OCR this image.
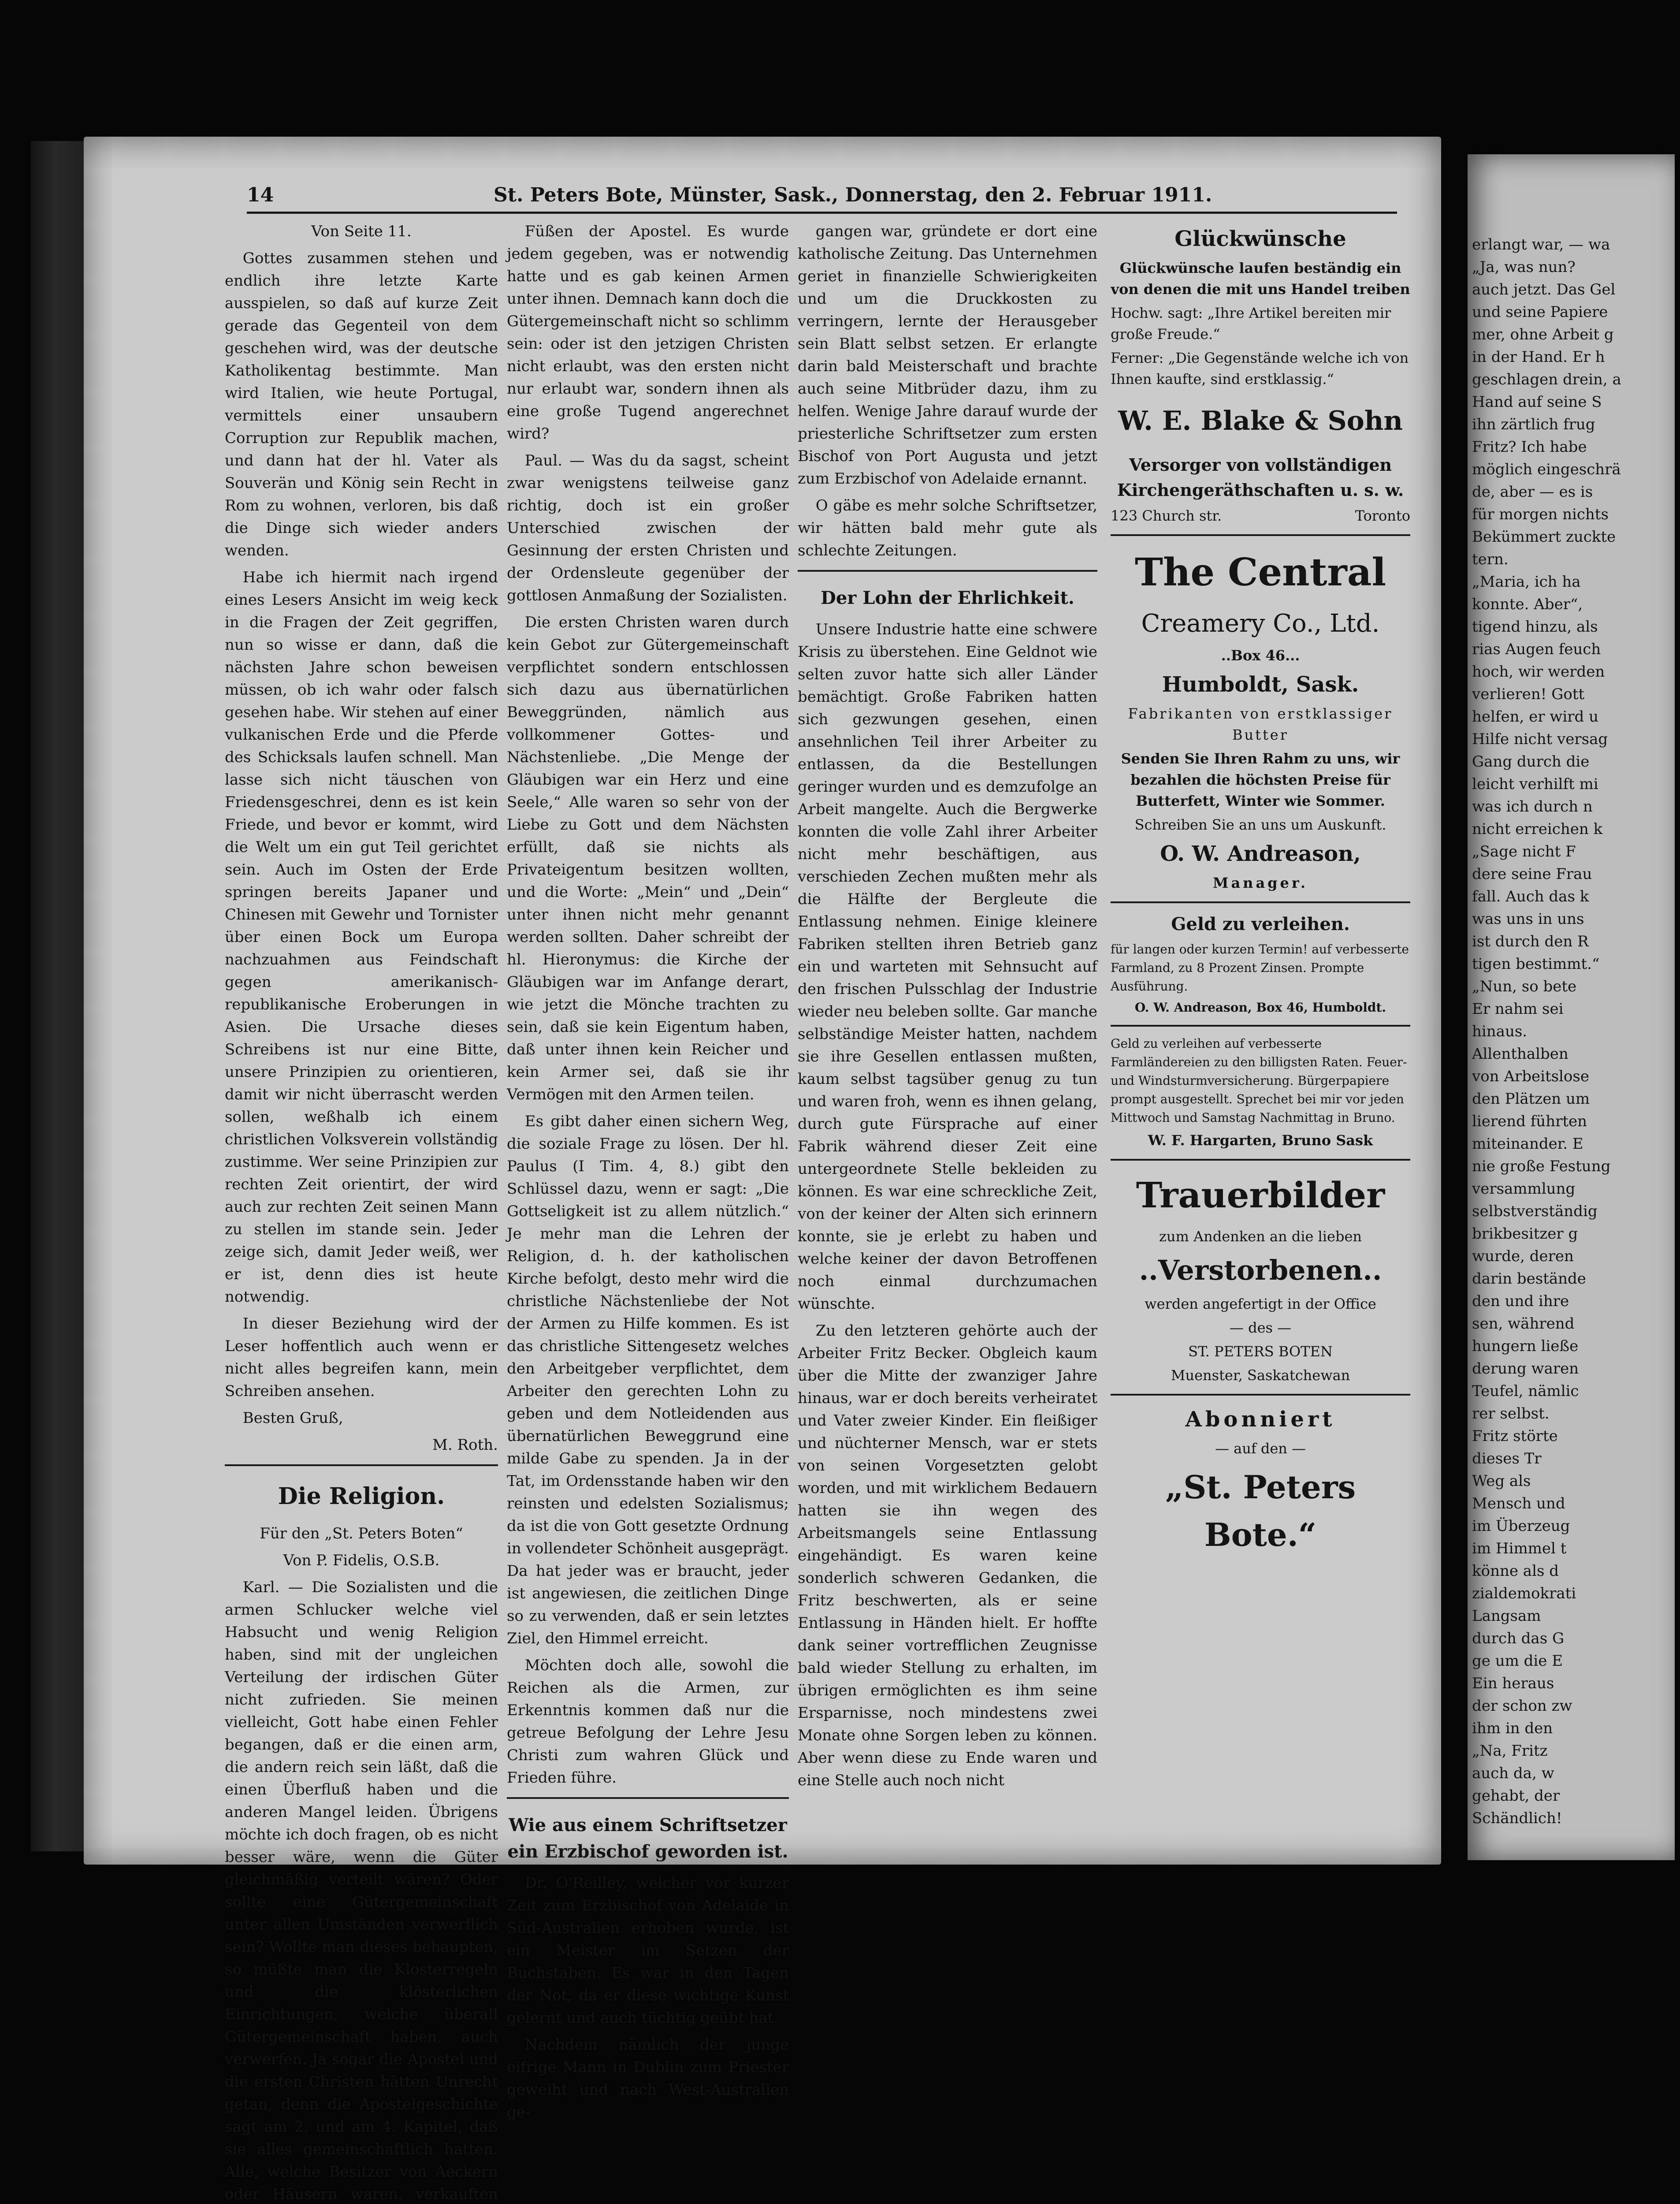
erlangt war, — wa
„Ja, was nun?
auch jetzt. Das Gel
und seine Papiere
mer, ohne Arbeit g
in der Hand. Er h
geschlagen drein, a
Hand auf seine S
ihn zärtlich frug
Fritz? Ich habe
möglich eingeschrä
de, aber — es is
für morgen nichts
Bekümmert zuckte
tern.
„Maria, ich ha
konnte. Aber“,
tigend hinzu, als
rias Augen feuch
hoch, wir werden
verlieren! Gott
helfen, er wird u
Hilfe nicht versag
Gang durch die
leicht verhilft mi
was ich durch n
nicht erreichen k
„Sage nicht F
dere seine Frau
fall. Auch das k
was uns in uns
ist durch den R
tigen bestimmt.“
„Nun, so bete
Er nahm sei
hinaus.
Allenthalben
von Arbeitslose
den Plätzen um
lierend führten
miteinander. E
nie große Festung
versammlung
selbstverständig
brikbesitzer g
wurde, deren
darin bestände
den und ihre
sen, während
hungern ließe
derung waren
Teufel, nämlic
rer selbst.
Fritz störte
dieses Tr
Weg als
Mensch und
im Überzeug
im Himmel t
könne als d
zialdemokrati
Langsam
durch das G
ge um die E
Ein heraus
der schon zw
ihm in den
„Na, Fritz
auch da, w
gehabt, der
Schändlich!
14	St. Peters Bote, Münster, Sask., Donnerstag, den 2. Februar 1911.

Von Seite 11.

Gottes zusammen stehen und endlich ihre letzte Karte ausspielen, so daß auf kurze Zeit gerade das Gegenteil von dem geschehen wird, was der deutsche Katholikentag bestimmte. Man wird Italien, wie heute Portugal, vermittels einer unsaubern Corruption zur Republik machen, und dann hat der hl. Vater als Souverän und König sein Recht in Rom zu wohnen, verloren, bis daß die Dinge sich wieder anders wenden.

Habe ich hiermit nach irgend eines Lesers Ansicht im weig keck in die Fragen der Zeit gegriffen, nun so wisse er dann, daß die nächsten Jahre schon beweisen müssen, ob ich wahr oder falsch gesehen habe. Wir stehen auf einer vulkanischen Erde und die Pferde des Schicksals laufen schnell. Man lasse sich nicht täuschen von Friedensgeschrei, denn es ist kein Friede, und bevor er kommt, wird die Welt um ein gut Teil gerichtet sein. Auch im Osten der Erde springen bereits Japaner und Chinesen mit Gewehr und Tornister über einen Bock um Europa nachzuahmen aus Feindschaft gegen amerikanisch-republikanische Eroberungen in Asien. Die Ursache dieses Schreibens ist nur eine Bitte, unsere Prinzipien zu orientieren, damit wir nicht überrascht werden sollen, weßhalb ich einem christlichen Volksverein vollständig zustimme. Wer seine Prinzipien zur rechten Zeit orientirt, der wird auch zur rechten Zeit seinen Mann zu stellen im stande sein. Jeder zeige sich, damit Jeder weiß, wer er ist, denn dies ist heute notwendig.

In dieser Beziehung wird der Leser hoffentlich auch wenn er nicht alles begreifen kann, mein Schreiben ansehen.

Besten Gruß,

M. Roth.

Die Religion.

Für den „St. Peters Boten“

Von P. Fidelis, O.S.B.

Karl. — Die Sozialisten und die armen Schlucker welche viel Habsucht und wenig Religion haben, sind mit der ungleichen Verteilung der irdischen Güter nicht zufrieden. Sie meinen vielleicht, Gott habe einen Fehler begangen, daß er die einen arm, die andern reich sein läßt, daß die einen Überfluß haben und die anderen Mangel leiden. Übrigens möchte ich doch fragen, ob es nicht besser wäre, wenn die Güter gleichmäßig verteilt wären? Oder sollte eine Gütergemeinschaft unter allen Umständen verwerflich sein? Wollte man dieses behaupten, so müßte man die Klosterregeln und die klösterlichen Einrichtungen, welche überall Gütergemeinschaft haben, auch verwerfen. Ja sogar die Apostel und die ersten Christen hätten Unrecht getan, denn die Apostelgeschichte sagt am 2. und am 4. Kapitel, daß sie alles gemeinschaftlich hatten. Alle, welche Besitzer von Aeckern oder Häusern waren, verkauften

Füßen der Apostel. Es wurde jedem gegeben, was er notwendig hatte und es gab keinen Armen unter ihnen. Demnach kann doch die Gütergemeinschaft nicht so schlimm sein: oder ist den jetzigen Christen nicht erlaubt, was den ersten nicht nur erlaubt war, sondern ihnen als eine große Tugend angerechnet wird?

Paul. — Was du da sagst, scheint zwar wenigstens teilweise ganz richtig, doch ist ein großer Unterschied zwischen der Gesinnung der ersten Christen und der Ordensleute gegenüber der gottlosen Anmaßung der Sozialisten.

Die ersten Christen waren durch kein Gebot zur Gütergemeinschaft verpflichtet sondern entschlossen sich dazu aus übernatürlichen Beweggründen, nämlich aus vollkommener Gottes- und Nächstenliebe. „Die Menge der Gläubigen war ein Herz und eine Seele,“ Alle waren so sehr von der Liebe zu Gott und dem Nächsten erfüllt, daß sie nichts als Privateigentum besitzen wollten, und die Worte: „Mein“ und „Dein“ unter ihnen nicht mehr genannt werden sollten. Daher schreibt der hl. Hieronymus: die Kirche der Gläubigen war im Anfange derart, wie jetzt die Mönche trachten zu sein, daß sie kein Eigentum haben, daß unter ihnen kein Reicher und kein Armer sei, daß sie ihr Vermögen mit den Armen teilen.

Es gibt daher einen sichern Weg, die soziale Frage zu lösen. Der hl. Paulus (I Tim. 4, 8.) gibt den Schlüssel dazu, wenn er sagt: „Die Gottseligkeit ist zu allem nützlich.“ Je mehr man die Lehren der Religion, d. h. der katholischen Kirche befolgt, desto mehr wird die christliche Nächstenliebe der Not der Armen zu Hilfe kommen. Es ist das christliche Sittengesetz welches den Arbeitgeber verpflichtet, dem Arbeiter den gerechten Lohn zu geben und dem Notleidenden aus übernatürlichen Beweggrund eine milde Gabe zu spenden. Ja in der Tat, im Ordensstande haben wir den reinsten und edelsten Sozialismus; da ist die von Gott gesetzte Ordnung in vollendeter Schönheit ausgeprägt. Da hat jeder was er braucht, jeder ist angewiesen, die zeitlichen Dinge so zu verwenden, daß er sein letztes Ziel, den Himmel erreicht.

Möchten doch alle, sowohl die Reichen als die Armen, zur Erkenntnis kommen daß nur die getreue Befolgung der Lehre Jesu Christi zum wahren Glück und Frieden führe.

Wie aus einem Schriftsetzer ein Erzbischof geworden ist.

Dr. O'Reilley, welcher vor kurzer Zeit zum Erzbischof von Adelaide in Süd-Australien erhoben wurde, ist ein Meister im Setzen der Buchstaben. Es war in den Tagen der Not, da er diese wichtige Kunst gelernt und auch tüchtig geübt hat.

Nachdem nämlich der junge eifrige Mann in Dublin zum Priester geweiht und nach West-Australien ge-

gangen war, gründete er dort eine katholische Zeitung. Das Unternehmen geriet in finanzielle Schwierigkeiten und um die Druckkosten zu verringern, lernte der Herausgeber sein Blatt selbst setzen. Er erlangte darin bald Meisterschaft und brachte auch seine Mitbrüder dazu, ihm zu helfen. Wenige Jahre darauf wurde der priesterliche Schriftsetzer zum ersten Bischof von Port Augusta und jetzt zum Erzbischof von Adelaide ernannt.

O gäbe es mehr solche Schriftsetzer, wir hätten bald mehr gute als schlechte Zeitungen.

Der Lohn der Ehrlichkeit.

Unsere Industrie hatte eine schwere Krisis zu überstehen. Eine Geldnot wie selten zuvor hatte sich aller Länder bemächtigt. Große Fabriken hatten sich gezwungen gesehen, einen ansehnlichen Teil ihrer Arbeiter zu entlassen, da die Bestellungen geringer wurden und es demzufolge an Arbeit mangelte. Auch die Bergwerke konnten die volle Zahl ihrer Arbeiter nicht mehr beschäftigen, aus verschieden Zechen mußten mehr als die Hälfte der Bergleute die Entlassung nehmen. Einige kleinere Fabriken stellten ihren Betrieb ganz ein und warteten mit Sehnsucht auf den frischen Pulsschlag der Industrie wieder neu beleben sollte. Gar manche selbständige Meister hatten, nachdem sie ihre Gesellen entlassen mußten, kaum selbst tagsüber genug zu tun und waren froh, wenn es ihnen gelang, durch gute Fürsprache auf einer Fabrik während dieser Zeit eine untergeordnete Stelle bekleiden zu können. Es war eine schreckliche Zeit, von der keiner der Alten sich erinnern konnte, sie je erlebt zu haben und welche keiner der davon Betroffenen noch einmal durchzumachen wünschte.

Zu den letzteren gehörte auch der Arbeiter Fritz Becker. Obgleich kaum über die Mitte der zwanziger Jahre hinaus, war er doch bereits verheiratet und Vater zweier Kinder. Ein fleißiger und nüchterner Mensch, war er stets von seinen Vorgesetzten gelobt worden, und mit wirklichem Bedauern hatten sie ihn wegen des Arbeitsmangels seine Entlassung eingehändigt. Es waren keine sonderlich schweren Gedanken, die Fritz beschwerten, als er seine Entlassung in Händen hielt. Er hoffte dank seiner vortrefflichen Zeugnisse bald wieder Stellung zu erhalten, im übrigen ermöglichten es ihm seine Ersparnisse, noch mindestens zwei Monate ohne Sorgen leben zu können. Aber wenn diese zu Ende waren und eine Stelle auch noch nicht

Glückwünsche

Glückwünsche laufen beständig ein von denen die mit uns Handel treiben

Hochw. sagt: „Ihre Artikel bereiten mir große Freude.“

Ferner: „Die Gegenstände welche ich von Ihnen kaufte, sind erstklassig.“

W. E. Blake & Sohn

Versorger von vollständigen Kirchengeräthschaften u. s. w.

123 Church str.	Toronto

The Central

Creamery Co., Ltd.

..Box 46...

Humboldt, Sask.

Fabrikanten von erstklassiger Butter

Senden Sie Ihren Rahm zu uns, wir bezahlen die höchsten Preise für Butterfett, Winter wie Sommer.

Schreiben Sie an uns um Auskunft.

O. W. Andreason,

Manager.

Geld zu verleihen.

für langen oder kurzen Termin! auf verbesserte Farmland, zu 8 Prozent Zinsen. Prompte Ausführung.

O. W. Andreason, Box 46, Humboldt.

Geld zu verleihen auf verbesserte Farmländereien zu den billigsten Raten. Feuer- und Windsturmversicherung. Bürgerpapiere prompt ausgestellt. Sprechet bei mir vor jeden Mittwoch und Samstag Nachmittag in Bruno.

W. F. Hargarten, Bruno Sask

Trauerbilder

zum Andenken an die lieben

..Verstorbenen..

werden angefertigt in der Office

— des —

ST. PETERS BOTEN

Muenster, Saskatchewan

Abonniert

— auf den —

„St. Peters Bote.“
